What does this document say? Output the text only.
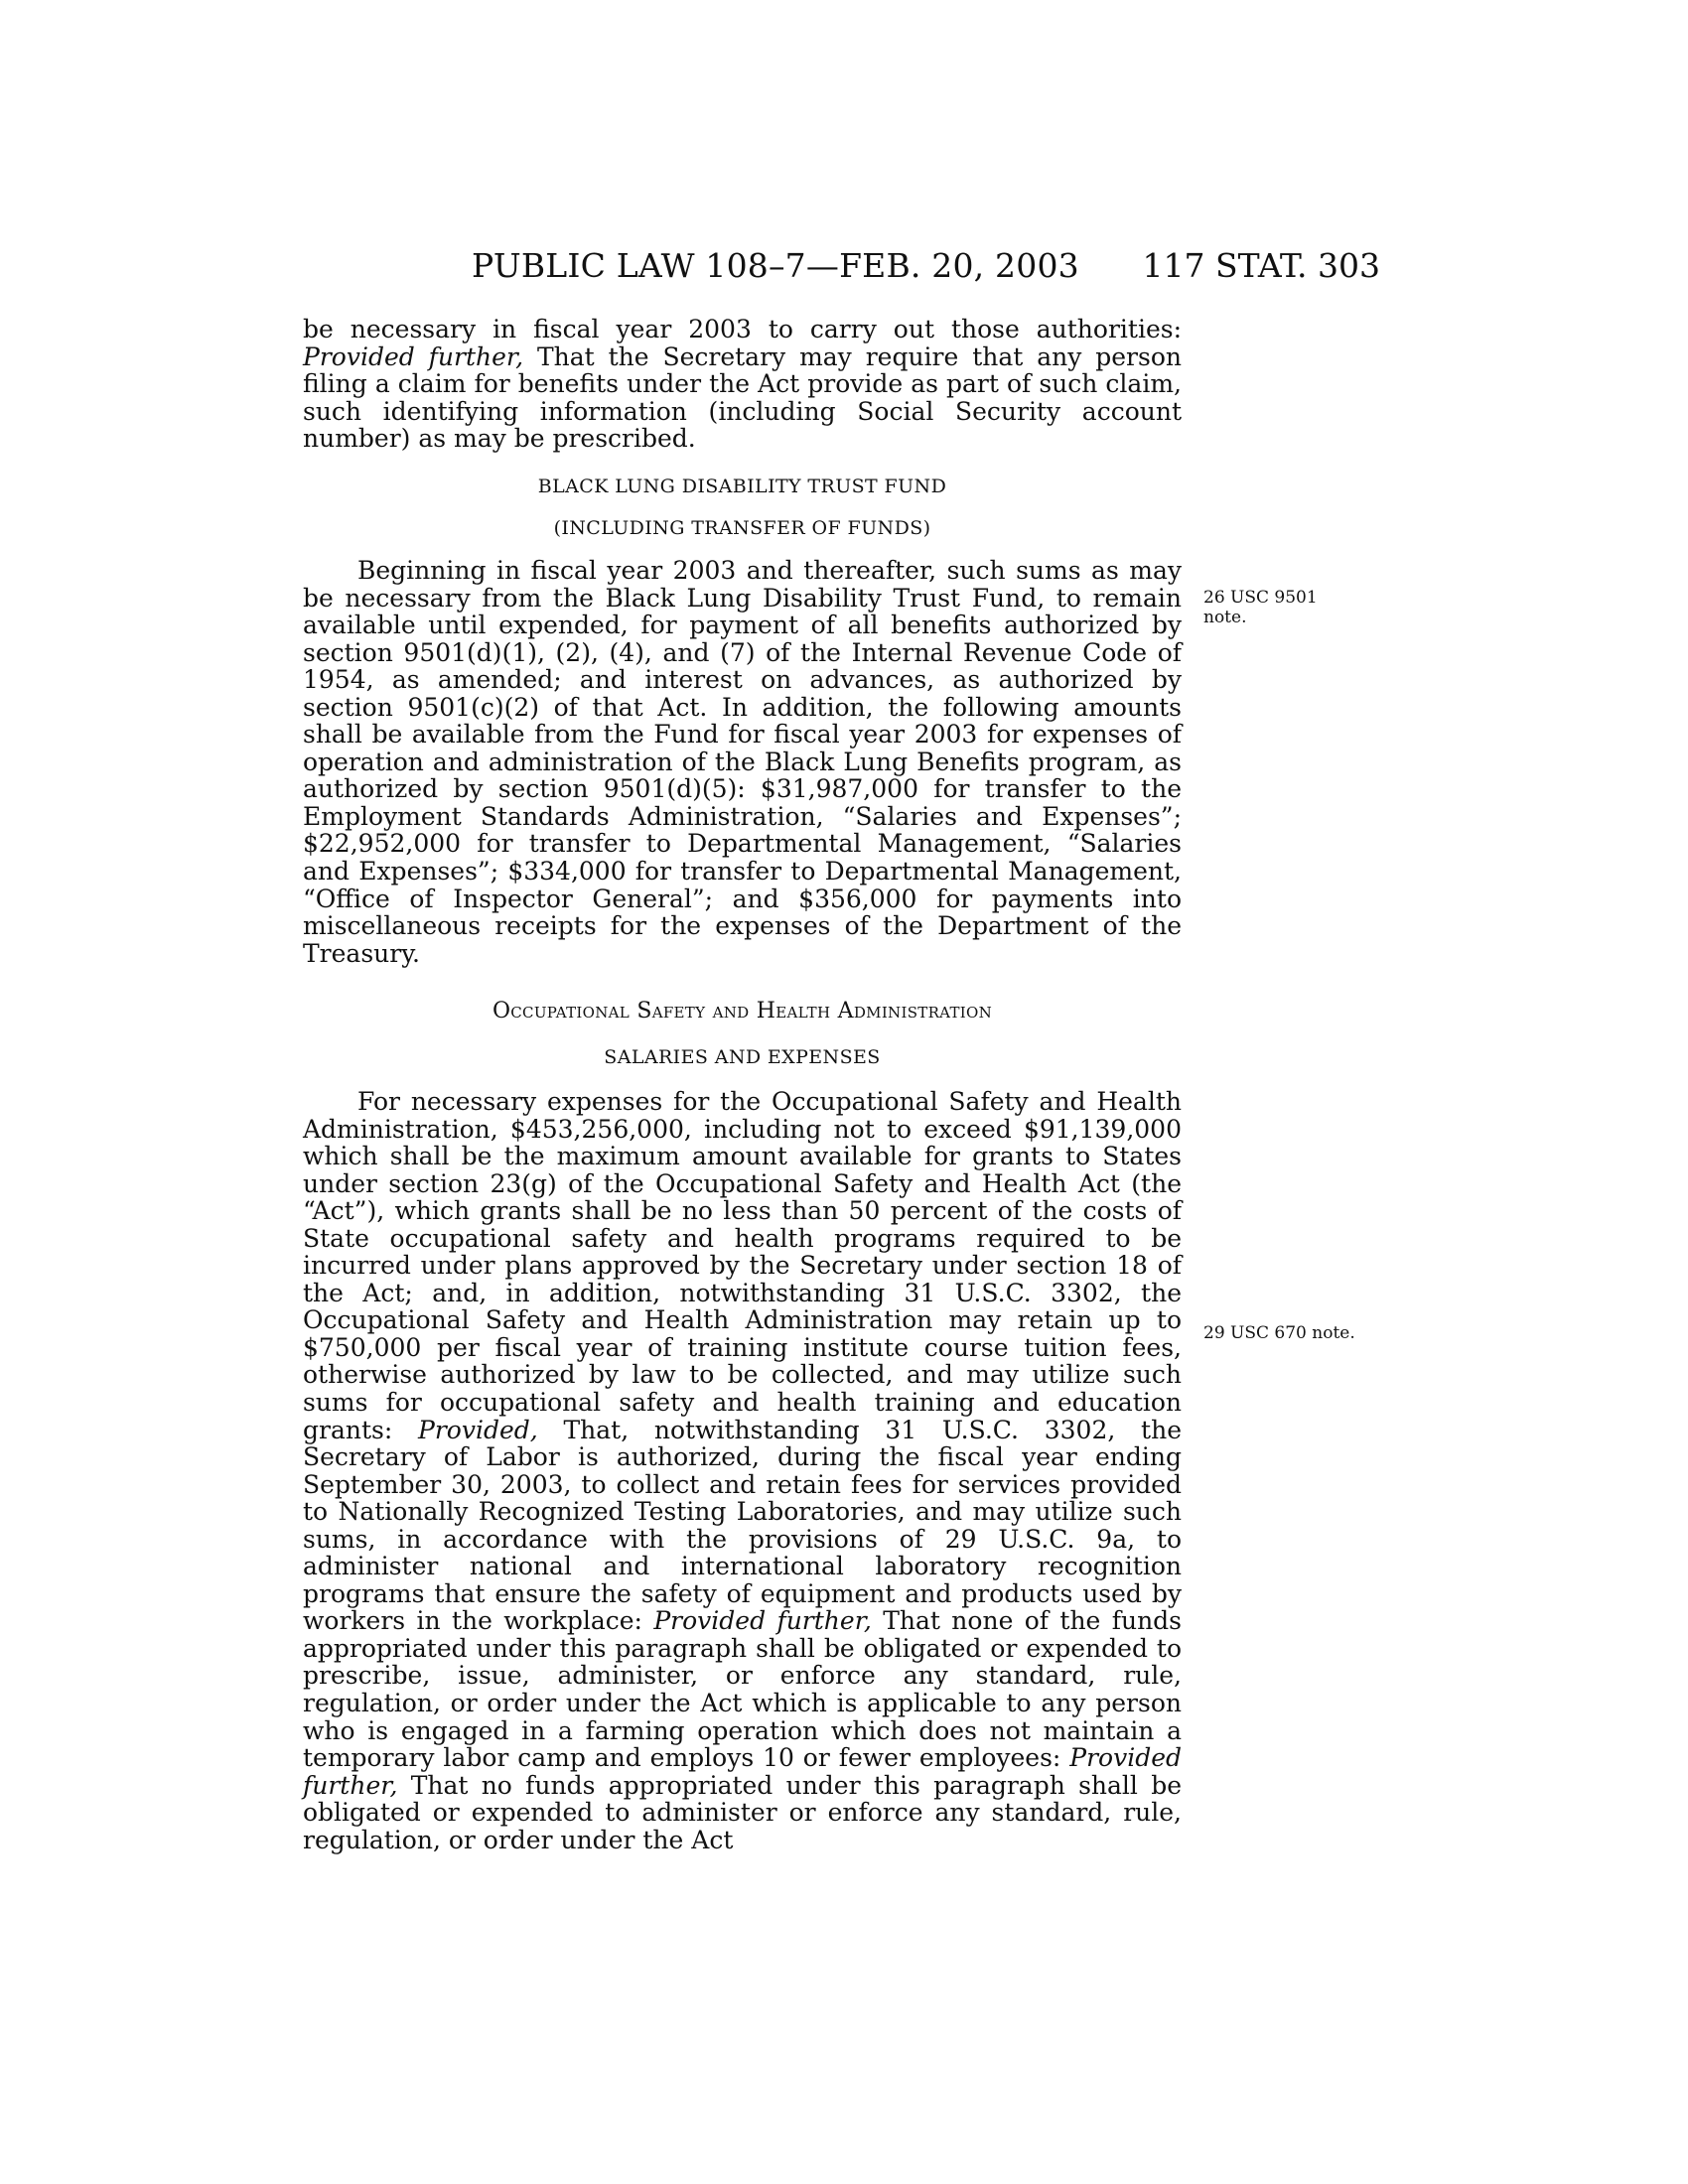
PUBLIC LAW 108–7—FEB. 20, 2003 117 STAT. 303

be necessary in fiscal year 2003 to carry out those authorities: Provided further, That the Secretary may require that any person filing a claim for benefits under the Act provide as part of such claim, such identifying information (including Social Security account number) as may be prescribed.

BLACK LUNG DISABILITY TRUST FUND

(INCLUDING TRANSFER OF FUNDS)

Beginning in fiscal year 2003 and thereafter, such sums as may be necessary from the Black Lung Disability Trust Fund, to remain available until expended, for payment of all benefits authorized by section 9501(d)(1), (2), (4), and (7) of the Internal Revenue Code of 1954, as amended; and interest on advances, as authorized by section 9501(c)(2) of that Act. In addition, the following amounts shall be available from the Fund for fiscal year 2003 for expenses of operation and administration of the Black Lung Benefits program, as authorized by section 9501(d)(5): $31,987,000 for transfer to the Employment Standards Administration, “Salaries and Expenses”; $22,952,000 for transfer to Departmental Management, “Salaries and Expenses”; $334,000 for transfer to Departmental Management, “Office of Inspector General”; and $356,000 for payments into miscellaneous receipts for the expenses of the Department of the Treasury.

Occupational Safety and Health Administration

SALARIES AND EXPENSES

For necessary expenses for the Occupational Safety and Health Administration, $453,256,000, including not to exceed $91,139,000 which shall be the maximum amount available for grants to States under section 23(g) of the Occupational Safety and Health Act (the “Act”), which grants shall be no less than 50 percent of the costs of State occupational safety and health programs required to be incurred under plans approved by the Secretary under section 18 of the Act; and, in addition, notwithstanding 31 U.S.C. 3302, the Occupational Safety and Health Administration may retain up to $750,000 per fiscal year of training institute course tuition fees, otherwise authorized by law to be collected, and may utilize such sums for occupational safety and health training and education grants: Provided, That, notwithstanding 31 U.S.C. 3302, the Secretary of Labor is authorized, during the fiscal year ending September 30, 2003, to collect and retain fees for services provided to Nationally Recognized Testing Laboratories, and may utilize such sums, in accordance with the provisions of 29 U.S.C. 9a, to administer national and international laboratory recognition programs that ensure the safety of equipment and products used by workers in the workplace: Provided further, That none of the funds appropriated under this paragraph shall be obligated or expended to prescribe, issue, administer, or enforce any standard, rule, regulation, or order under the Act which is applicable to any person who is engaged in a farming operation which does not maintain a temporary labor camp and employs 10 or fewer employees: Provided further, That no funds appropriated under this paragraph shall be obligated or expended to administer or enforce any standard, rule, regulation, or order under the Act

26 USC 9501
note.
29 USC 670 note.
